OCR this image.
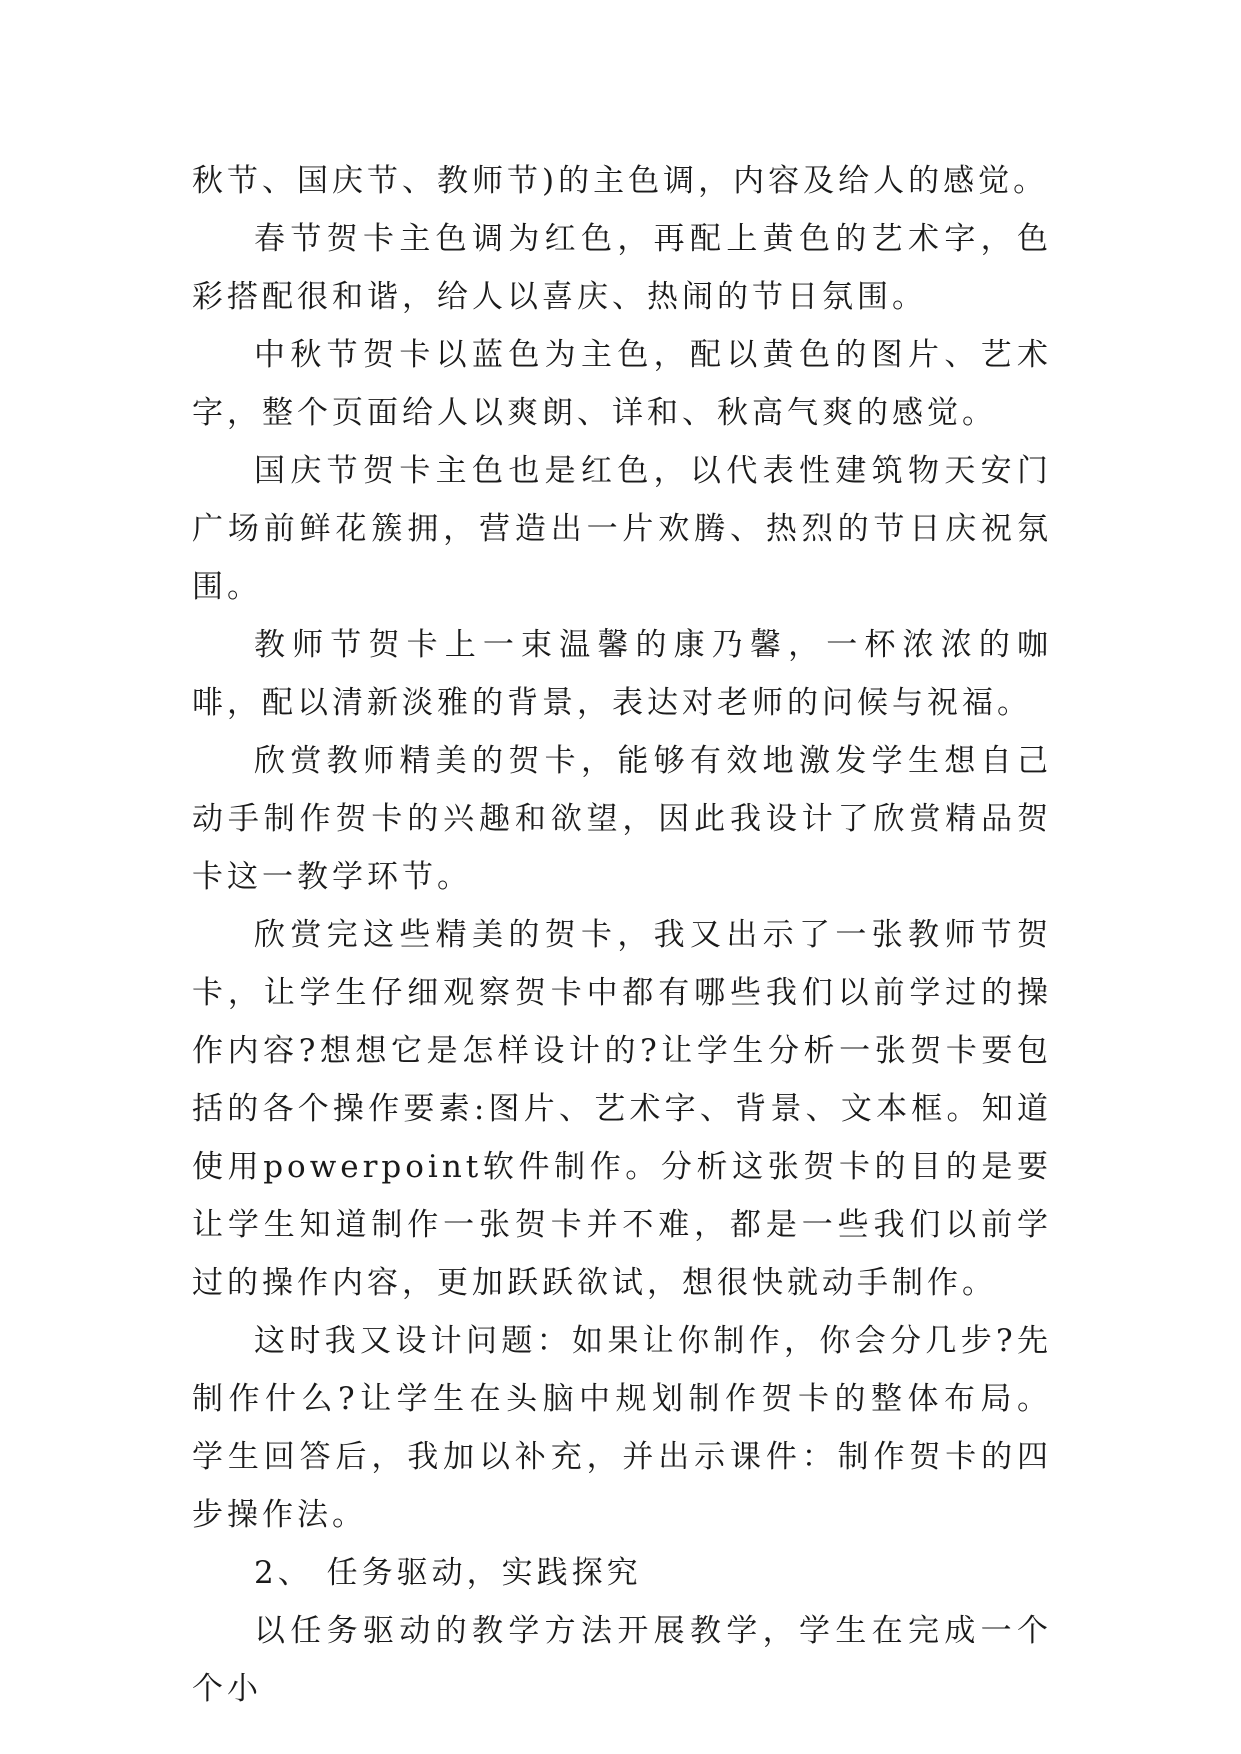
秋节、国庆节、教师节)的主色调，内容及给人的感觉。

春节贺卡主色调为红色，再配上黄色的艺术字，色彩搭配很和谐，给人以喜庆、热闹的节日氛围。

中秋节贺卡以蓝色为主色，配以黄色的图片、艺术字，整个页面给人以爽朗、详和、秋高气爽的感觉。

国庆节贺卡主色也是红色，以代表性建筑物天安门广场前鲜花簇拥，营造出一片欢腾、热烈的节日庆祝氛围。

教师节贺卡上一束温馨的康乃馨，一杯浓浓的咖啡，配以清新淡雅的背景，表达对老师的问候与祝福。

欣赏教师精美的贺卡，能够有效地激发学生想自己动手制作贺卡的兴趣和欲望，因此我设计了欣赏精品贺卡这一教学环节。

欣赏完这些精美的贺卡，我又出示了一张教师节贺卡，让学生仔细观察贺卡中都有哪些我们以前学过的操作内容?想想它是怎样设计的?让学生分析一张贺卡要包括的各个操作要素:图片、艺术字、背景、文本框。知道使用powerpoint软件制作。分析这张贺卡的目的是要让学生知道制作一张贺卡并不难，都是一些我们以前学过的操作内容，更加跃跃欲试，想很快就动手制作。

这时我又设计问题：如果让你制作，你会分几步?先制作什么?让学生在头脑中规划制作贺卡的整体布局。学生回答后，我加以补充，并出示课件：制作贺卡的四步操作法。

2、 任务驱动，实践探究

以任务驱动的教学方法开展教学，学生在完成一个个小
